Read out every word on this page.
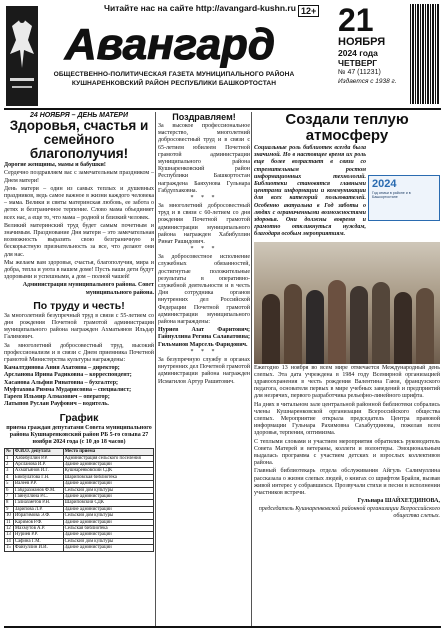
Читайте нас на сайте http://avangard-kushn.ru 12+
Авангард
ОБЩЕСТВЕННО-ПОЛИТИЧЕСКАЯ ГАЗЕТА МУНИЦИПАЛЬНОГО РАЙОНА
КУШНАРЕНКОВСКИЙ РАЙОН РЕСПУБЛИКИ БАШКОРТОСТАН
21
НОЯБРЯ
2024 года
ЧЕТВЕРГ
№ 47 (11231)
Издается с 1938 г.
24 НОЯБРЯ – ДЕНЬ МАТЕРИ
Здоровья, счастья и семейного благополучия!
Дорогие женщины, мамы и бабушки!
Сердечно поздравляем вас с замечательным праздником – Днем матери!
День матери – один из самых теплых и душевных праздников, ведь самое важное в жизни каждого человека – мама. Велики и святы материнская любовь, ее забота о детях и безграничное терпение. Слово мама объединяет всех нас, а еще то, что мама – родной и близкий человек.
Великий материнский труд будет самым почетным и значимым. Празднование Дня матери – это замечательная возможность выразить свою безграничную и бескорыстную признательность за все, что делают они для нас.
Мы желаем вам здоровья, счастья, благополучия, мира и добра, тепла и уюта в вашем доме! Пусть ваши дети будут здоровыми и успешными, а дом – полной чашей!
Администрация муниципального района. Совет муниципального района.
По труду и честь!
За многолетний безупречный труд в связи с 55-летием со дня рождения Почетной грамотой администрации муниципального района награжден Ахматьянов Ильдар Галимович.
За многолетний добросовестный труд, высокий профессионализм и в связи с Днем приемника Почетной грамотой Министерства культуры награждены:
Камалтдинова Ания Ахатовна – директор;
Арсланова Ирина Радиковна – корреспондент;
Хасанова Альфия Ринатовна – бухгалтер;
Муфтахова Римма Мударисовна – специалист;
Гареев Ильмир Алмазович – оператор;
Латыпов Руслан Рауфович – водитель.
График
приема граждан депутатами Совета муниципального района Кушнаренковский район РБ 5-го созыва 27 ноября 2024 года (с 10 до 18 часов)
№	Ф.И.О. депутата	Место приема
1	Хабибуллин Р.Р.	Администрация сельского поселения
2	Арсланова И.Р.	Здание администрации
3	Ахматьянов И.Г.	Кушнаренковский СДК
4	Бикбулатова Г.Н.	Шариповская библиотека
5	Валеев Р.Р.	Здание администрации
6	Габдрахманов Ф.М.	Сельский дом культуры
7	Гайнуллина Р.С.	Здание администрации
8	Галиахметов Р.Н.	Шариповский СДК
9	Зарипова Л.Р.	Здание администрации
10	Ибрагимова Э.Ф.	Сельский дом культуры
11	Каримов Р.Ф.	Здание администрации
12	Махмутов А.Р.	Сельская библиотека
13	Нуриев Р.Р.	Здание администрации
14	Сафина Г.М.	Сельский дом культуры
15	Файзуллин И.И.	Здание администрации
Поздравляем!
За высокое профессиональное мастерство, многолетний добросовестный труд и в связи с 65-летием юбилеем Почетной грамотой администрации муниципального района Кушнаренковский район Республики Башкортостан награждена Баяхунова Гульнара Габдулхаковна.
* * *
За многолетний добросовестный труд и в связи с 60-летием со дня рождения Почетной грамотой администрации муниципального района награжден Хабибуллин Ринат Рашидович.
* * *
За добросовестное исполнение служебных обязанностей, достигнутые положительные результаты в оперативно-служебной деятельности и в честь Дня сотрудника органов внутренних дел Российской Федерации Почетной грамотой администрации муниципального района награждены:
Нуриев Азат Фаритович; Гайнуллина Регина Салаватовна; Гильманов Марсель Фаридович.
* * *
За безупречную службу в органах внутренних дел Почетной грамотой администрации района награжден Исмагилов Артур Рашитович.
Создали теплую атмосферу
Социальные роль библиотек всегда была значимой. Но в настоящее время их роль еще более возрастает в связи со стремительным ростом информационных технологий. Библиотеки становятся главными центрами информации и коммуникации для всех категорий пользователей. Особенно актуальна в Год заботы о людях с ограниченными возможностями здоровья. Они должны вовремя и грамотно откликнуться нуждам, благодаря особым мероприятиям.
Ежегодно 13 ноября во всем мире отмечается Международный день слепых. Эта дата учреждена в 1984 году Всемирной организацией здравоохранения в честь рождения Валентина Гаюи, французского педагога, основателя первых в мире учебных заведений и предприятий для незрячих, первого разработчика рельефно-линейного шрифта.
На днях в читальном зале центральной районной библиотеки собрались члены Кушнаренковской организации Всероссийского общества слепых. Мероприятие открыла председатель Центра правовой информации Гульнара Рахимовна Сахабутдинова, пожелав всем здоровья, терпения, оптимизма.
С теплыми словами и участием мероприятия обратились руководитель Совета Матерей и ветераны, коллеги и волонтеры. Эмоциональным выдалась программа с участием детских и взрослых коллективов района.
Главный библиотекарь отдела обслуживания Айгуль Салимуллина рассказала о жизни слепых людей, о книгах со шрифтом Брайля, вызвав живой интерес у собравшихся. Прозвучали стихи и песни в исполнении участников встречи.
Гульнара ШАЙХЕТДИНОВА,
председатель Кушнаренковской районной организации Всероссийского общества слепых.
2024
Год семьи в районе и в Башкортостане
